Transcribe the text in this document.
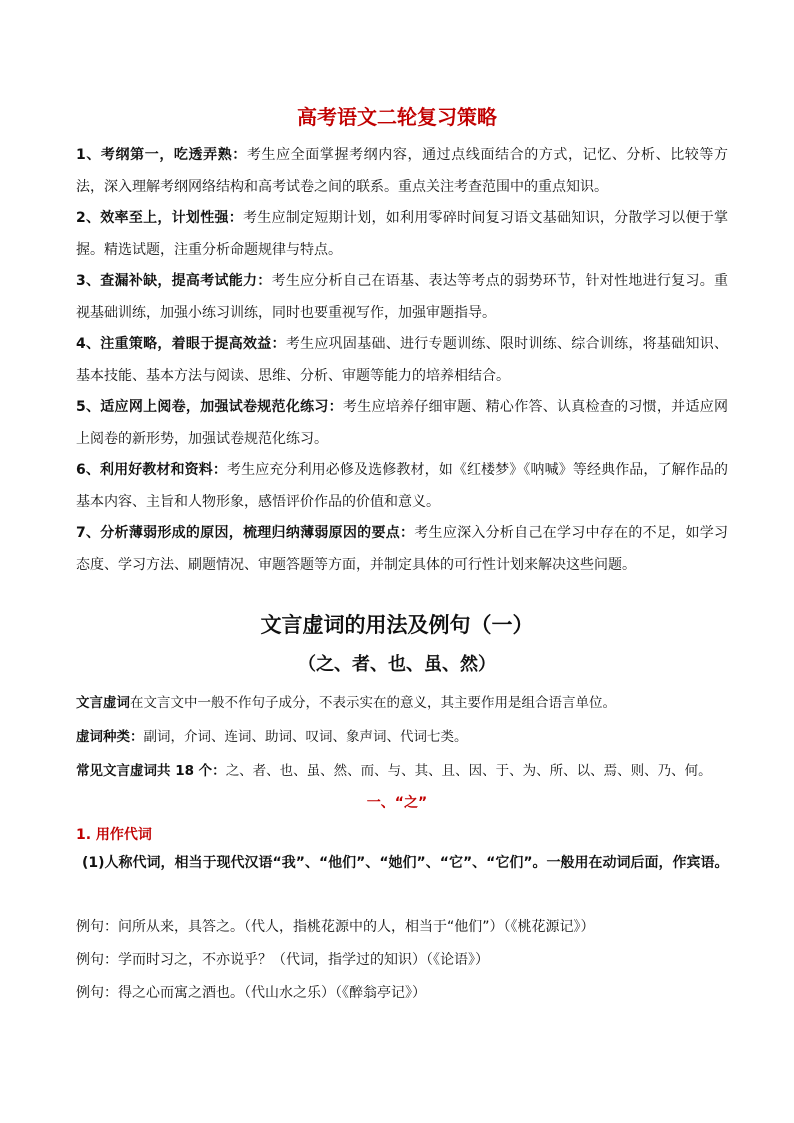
高考语文二轮复习策略
1、考纲第一，吃透弄熟：考生应全面掌握考纲内容，通过点线面结合的方式，记忆、分析、比较等方法，深入理解考纲网络结构和高考试卷之间的联系。重点关注考查范围中的重点知识。
2、效率至上，计划性强：考生应制定短期计划，如利用零碎时间复习语文基础知识，分散学习以便于掌握。精选试题，注重分析命题规律与特点。
3、查漏补缺，提高考试能力：考生应分析自己在语基、表达等考点的弱势环节，针对性地进行复习。重视基础训练，加强小练习训练，同时也要重视写作，加强审题指导。
4、注重策略，着眼于提高效益：考生应巩固基础、进行专题训练、限时训练、综合训练，将基础知识、基本技能、基本方法与阅读、思维、分析、审题等能力的培养相结合。
5、适应网上阅卷，加强试卷规范化练习：考生应培养仔细审题、精心作答、认真检查的习惯，并适应网上阅卷的新形势，加强试卷规范化练习。
6、利用好教材和资料：考生应充分利用必修及选修教材，如《红楼梦》《呐喊》等经典作品，了解作品的基本内容、主旨和人物形象，感悟评价作品的价值和意义。
7、分析薄弱形成的原因，梳理归纳薄弱原因的要点：考生应深入分析自己在学习中存在的不足，如学习态度、学习方法、刷题情况、审题答题等方面，并制定具体的可行性计划来解决这些问题。
文言虚词的用法及例句（一）
（之、者、也、虽、然）
文言虚词在文言文中一般不作句子成分，不表示实在的意义，其主要作用是组合语言单位。
虚词种类：副词，介词、连词、助词、叹词、象声词、代词七类。
常见文言虚词共 18 个：之、者、也、虽、然、而、与、其、且、因、于、为、所、以、焉、则、乃、何。
一、“之”
1. 用作代词
(1)人称代词，相当于现代汉语“我”、“他们”、“她们”、“它”、“它们”。一般用在动词后面，作宾语。
例句：问所从来，具答之。（代人，指桃花源中的人，相当于“他们”）（《桃花源记》）
例句：学而时习之，不亦说乎？（代词，指学过的知识）（《论语》）
例句：得之心而寓之酒也。（代山水之乐）（《醉翁亭记》）
